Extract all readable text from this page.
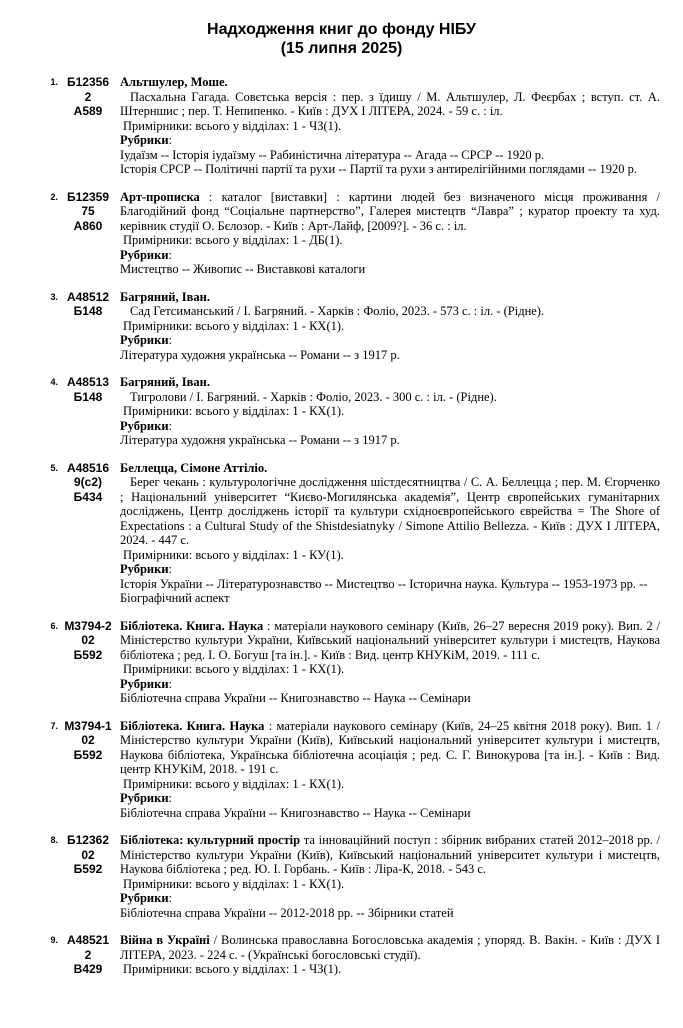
Надходження книг до фонду НІБУ
(15 липня 2025)
1. Б12356
2
А589
Альтшулер, Моше.
Пасхальна Гагада. Совєтська версія : пер. з їдишу / М. Альтшулер, Л. Феєрбах ; вступ. ст. А. Штерншис ; пер. Т. Непипенко. - Київ : ДУХ І ЛІТЕРА, 2024. - 59 с. : іл.
Примірники: всього у відділах: 1 - ЧЗ(1).
Рубрики:
Іудаїзм -- Історія іудаїзму -- Рабиністична література -- Агада -- СРСР -- 1920 р.
Історія СРСР -- Політичні партії та рухи -- Партії та рухи з антирелігійними поглядами -- 1920 р.
2. Б12359
75
А860
Арт-прописка : каталог [виставки] : картини людей без визначеного місця проживання / Благодійний фонд “Соціальне партнерство”, Галерея мистецтв “Лавра” ; куратор проекту та худ. керівник студії О. Бєлозор. - Київ : Арт-Лайф, [2009?]. - 36 с. : іл.
Примірники: всього у відділах: 1 - ДБ(1).
Рубрики:
Мистецтво -- Живопис -- Виставкові каталоги
3. А48512
Б148
Багряний, Іван.
Сад Гетсиманський / І. Багряний. - Харків : Фоліо, 2023. - 573 с. : іл. - (Рідне).
Примірники: всього у відділах: 1 - КХ(1).
Рубрики:
Література художня українська -- Романи -- з 1917 р.
4. А48513
Б148
Багряний, Іван.
Тигролови / І. Багряний. - Харків : Фоліо, 2023. - 300 с. : іл. - (Рідне).
Примірники: всього у відділах: 1 - КХ(1).
Рубрики:
Література художня українська -- Романи -- з 1917 р.
5. А48516
9(с2)
Б434
Беллецца, Сімоне Аттіліо.
Берег чекань : культурологічне дослідження шістдесятництва / С. А. Беллецца ; пер. М. Єгорченко ; Національний університет “Києво-Могилянська академія”, Центр європейських гуманітарних досліджень, Центр досліджень історії та культури східноєвропейського єврейства = The Shore of Expectations : a Cultural Study of the Shistdesiatnyky / Simone Attilio Bellezza. - Київ : ДУХ І ЛІТЕРА, 2024. - 447 с.
Примірники: всього у відділах: 1 - КУ(1).
Рубрики:
Історія України -- Літературознавство -- Мистецтво -- Історична наука. Культура -- 1953-1973 рр. -- Біографічний аспект
6. М3794-2
02
Б592
Бібліотека. Книга. Наука : матеріали наукового семінару (Київ, 26–27 вересня 2019 року). Вип. 2 / Міністерство культури України, Київський національний університет культури і мистецтв, Наукова бібліотека ; ред. І. О. Богуш [та ін.]. - Київ : Вид. центр КНУКіМ, 2019. - 111 с.
Примірники: всього у відділах: 1 - КХ(1).
Рубрики:
Бібліотечна справа України -- Книгознавство -- Наука -- Семінари
7. М3794-1
02
Б592
Бібліотека. Книга. Наука : матеріали наукового семінару (Київ, 24–25 квітня 2018 року). Вип. 1 / Міністерство культури України (Київ), Київський національний університет культури і мистецтв, Наукова бібліотека, Українська бібліотечна асоціація ; ред. С. Г. Винокурова [та ін.]. - Київ : Вид. центр КНУКіМ, 2018. - 191 с.
Примірники: всього у відділах: 1 - КХ(1).
Рубрики:
Бібліотечна справа України -- Книгознавство -- Наука -- Семінари
8. Б12362
02
Б592
Бібліотека: культурний простір та інноваційний поступ : збірник вибраних статей 2012–2018 рр. / Міністерство культури України (Київ), Київський національний університет культури і мистецтв, Наукова бібліотека ; ред. Ю. І. Горбань. - Київ : Ліра-К, 2018. - 543 с.
Примірники: всього у відділах: 1 - КХ(1).
Рубрики:
Бібліотечна справа України -- 2012-2018 рр. -- Збірники статей
9. А48521
2
В429
Війна в Україні / Волинська православна Богословська академія ; упоряд. В. Вакін. - Київ : ДУХ І ЛІТЕРА, 2023. - 224 с. - (Українські богословські студії).
Примірники: всього у відділах: 1 - ЧЗ(1).
